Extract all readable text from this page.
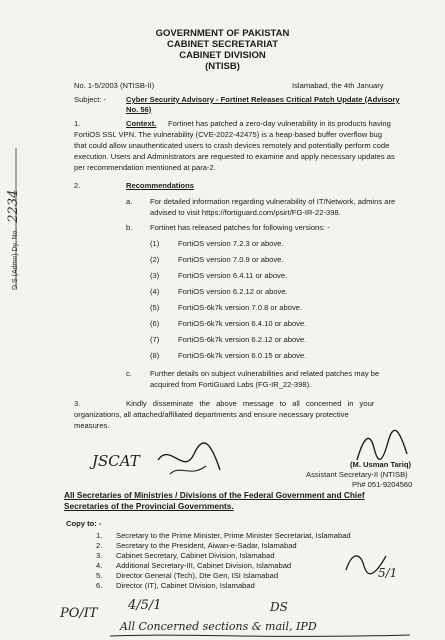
D.S (Admn) Dy. No. 2234
GOVERNMENT OF PAKISTAN
CABINET SECRETARIAT
CABINET DIVISION
(NTISB)
No. 1-5/2003 (NTISB-II)	Islamabad, the 4th January
Subject: -	Cyber Security Advisory - Fortinet Releases Critical Patch Update (Advisory
No. 56)
1.	Context. Fortinet has patched a zero-day vulnerability in its products having
FortiOS SSL VPN. The vulnerability (CVE-2022-42475) is a heap-based buffer overflow bug
that could allow unauthenticated users to crash devices remotely and potentially perform code
execution. Users and Administrators are requested to examine and apply necessary updates as
per recommendation mentioned at para-2.
2.	Recommendations
a. For detailed information regarding vulnerability of IT/Network, admins are
advised to visit https://fortiguard.com/psirt/FG-IR-22-398.
b. Fortinet has released patches for following versions: -
(1) FortiOS version 7.2.3 or above.
(2) FortiOS version 7.0.9 or above.
(3) FortiOS version 6.4.11 or above.
(4) FortiOS version 6.2.12 or above.
(5) FortiOS-6k7k version 7.0.8 or above.
(6) FortiOS-6k7k version 6.4.10 or above.
(7) FortiOS-6k7k version 6.2.12 or above.
(8) FortiOS-6k7k version 6.0.15 or above.
c. Further details on subject vulnerabilities and related patches may be
acquired from FortiGuard Labs (FG-IR_22-398).
3.	Kindly disseminate the above message to all concerned in your
organizations, all attached/affiliated departments and ensure necessary protective
measures.
JSCAT	(M. Usman Tariq)
Assistant Secretary-II (NTISB)
Ph# 051-9204560
All Secretaries of Ministries / Divisions of the Federal Government and Chief
Secretaries of the Provincial Governments.
Copy to: -
1. Secretary to the Prime Minister, Prime Minister Secretariat, Islamabad
2. Secretary to the President, Aiwan-e-Sadar, Islamabad
3. Cabinet Secretary, Cabinet Division, Islamabad
4. Additional Secretary-III, Cabinet Division, Islamabad
5. Director General (Tech), Dte Gen, ISI Islamabad
6. Director (IT), Cabinet Division, Islamabad
5/1
PO/IT
4/5/1	DS
All Concerned sections & mail, IPD
